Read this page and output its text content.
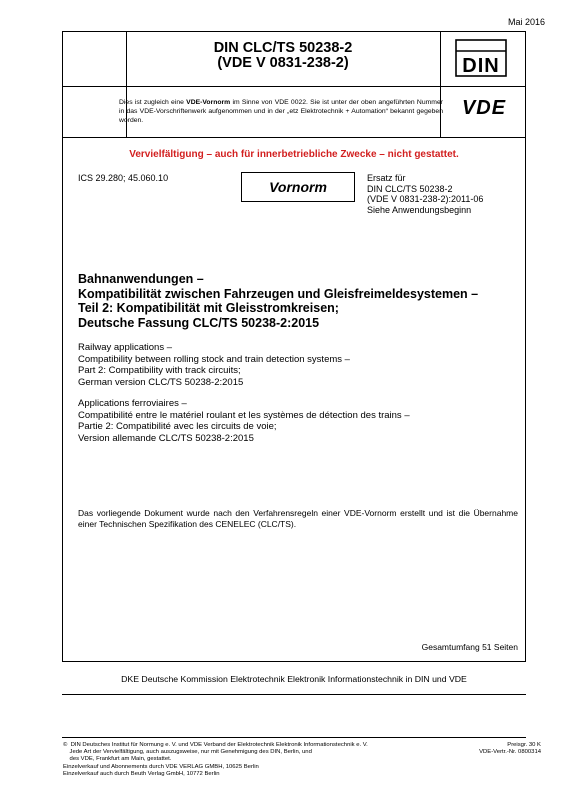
Mai 2016
DIN CLC/TS 50238-2
(VDE V 0831-238-2)	DIN
Dies ist zugleich eine VDE-Vornorm im Sinne von VDE 0022. Sie ist unter der oben angeführten Nummer in das VDE-Vorschriftenwerk aufgenommen und in der „etz Elektrotechnik + Automation“ bekannt gegeben worden.
VDE
Vervielfältigung – auch für innerbetriebliche Zwecke – nicht gestattet.
ICS 29.280; 45.060.10
Vornorm
Ersatz für
DIN CLC/TS 50238-2
(VDE V 0831-238-2):2011-06
Siehe Anwendungsbeginn
Bahnanwendungen –
Kompatibilität zwischen Fahrzeugen und Gleisfreimeldesystemen –
Teil 2: Kompatibilität mit Gleisstromkreisen;
Deutsche Fassung CLC/TS 50238-2:2015
Railway applications –
Compatibility between rolling stock and train detection systems –
Part 2: Compatibility with track circuits;
German version CLC/TS 50238-2:2015
Applications ferroviaires –
Compatibilité entre le matériel roulant et les systèmes de détection des trains –
Partie 2: Compatibilité avec les circuits de voie;
Version allemande CLC/TS 50238-2:2015
Das vorliegende Dokument wurde nach den Verfahrensregeln einer VDE-Vornorm erstellt und ist die Übernahme einer Technischen Spezifikation des CENELEC (CLC/TS).
Gesamtumfang 51 Seiten
DKE Deutsche Kommission Elektrotechnik Elektronik Informationstechnik in DIN und VDE
©  DIN Deutsches Institut für Normung e. V. und VDE Verband der Elektrotechnik Elektronik Informationstechnik e. V.
Jede Art der Vervielfältigung, auch auszugsweise, nur mit Genehmigung des DIN, Berlin, und
des VDE, Frankfurt am Main, gestattet.
Einzelverkauf und Abonnements durch VDE VERLAG GMBH, 10625 Berlin
Einzelverkauf auch durch Beuth Verlag GmbH, 10772 Berlin
Preisgr. 30 K
VDE-Vertr.-Nr. 0800314
